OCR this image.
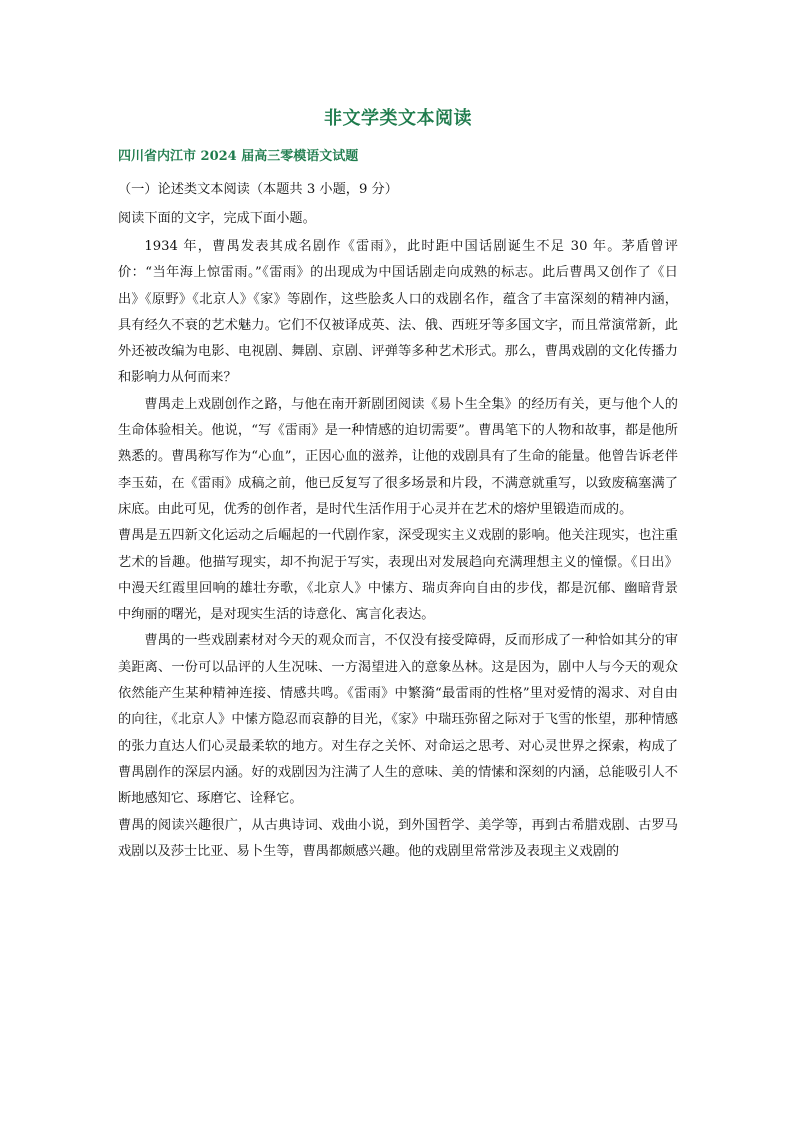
非文学类文本阅读
四川省内江市 2024 届高三零模语文试题
（一）论述类文本阅读（本题共 3 小题，9 分）
阅读下面的文字，完成下面小题。

1934 年，曹禺发表其成名剧作《雷雨》，此时距中国话剧诞生不足 30 年。茅盾曾评价：“当年海上惊雷雨。”《雷雨》的出现成为中国话剧走向成熟的标志。此后曹禺又创作了《日出》《原野》《北京人》《家》等剧作，这些脍炙人口的戏剧名作，蕴含了丰富深刻的精神内涵，具有经久不衰的艺术魅力。它们不仅被译成英、法、俄、西班牙等多国文字，而且常演常新，此外还被改编为电影、电视剧、舞剧、京剧、评弹等多种艺术形式。那么，曹禺戏剧的文化传播力和影响力从何而来？

曹禺走上戏剧创作之路，与他在南开新剧团阅读《易卜生全集》的经历有关，更与他个人的生命体验相关。他说，“写《雷雨》是一种情感的迫切需要”。曹禺笔下的人物和故事，都是他所熟悉的。曹禺称写作为“心血”，正因心血的滋养，让他的戏剧具有了生命的能量。他曾告诉老伴李玉茹，在《雷雨》成稿之前，他已反复写了很多场景和片段，不满意就重写，以致废稿塞满了床底。由此可见，优秀的创作者，是时代生活作用于心灵并在艺术的熔炉里锻造而成的。

曹禺是五四新文化运动之后崛起的一代剧作家，深受现实主义戏剧的影响。他关注现实，也注重艺术的旨趣。他描写现实，却不拘泥于写实，表现出对发展趋向充满理想主义的憧憬。《日出》中漫天红霞里回响的雄壮夯歌，《北京人》中愫方、瑞贞奔向自由的步伐，都是沉郁、幽暗背景中绚丽的曙光，是对现实生活的诗意化、寓言化表达。

曹禺的一些戏剧素材对今天的观众而言，不仅没有接受障碍，反而形成了一种恰如其分的审美距离、一份可以品评的人生况味、一方渴望进入的意象丛林。这是因为，剧中人与今天的观众依然能产生某种精神连接、情感共鸣。《雷雨》中繁漪“最雷雨的性格”里对爱情的渴求、对自由的向往，《北京人》中愫方隐忍而哀静的目光，《家》中瑞珏弥留之际对于飞雪的怅望，那种情感的张力直达人们心灵最柔软的地方。对生存之关怀、对命运之思考、对心灵世界之探索，构成了曹禺剧作的深层内涵。好的戏剧因为注满了人生的意味、美的情愫和深刻的内涵，总能吸引人不断地感知它、琢磨它、诠释它。

曹禺的阅读兴趣很广，从古典诗词、戏曲小说，到外国哲学、美学等，再到古希腊戏剧、古罗马戏剧以及莎士比亚、易卜生等，曹禺都颇感兴趣。他的戏剧里常常涉及表现主义戏剧的
